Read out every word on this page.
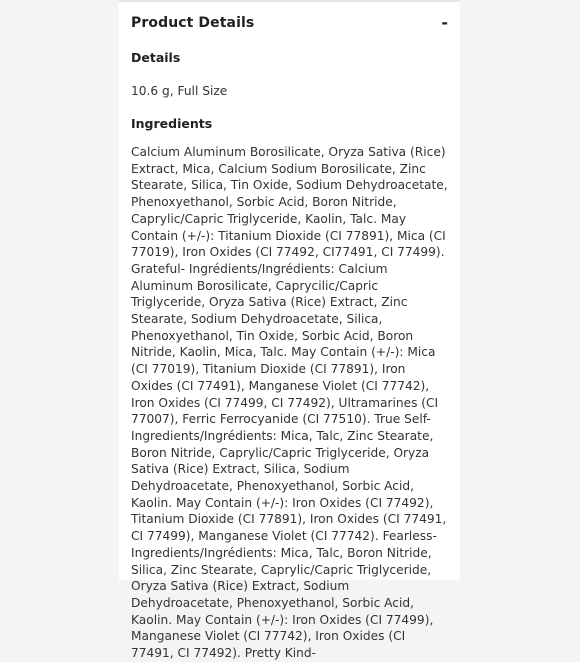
Product Details	-
Details
10.6 g, Full Size
Ingredients

Calcium Aluminum Borosilicate, Oryza Sativa (Rice) Extract, Mica, Calcium Sodium Borosilicate, Zinc Stearate, Silica, Tin Oxide, Sodium Dehydroacetate, Phenoxyethanol, Sorbic Acid, Boron Nitride, Caprylic/Capric Triglyceride, Kaolin, Talc. May Contain (+/-): Titanium Dioxide (CI 77891), Mica (CI 77019), Iron Oxides (CI 77492, CI77491, CI 77499). Grateful- Ingrédients/Ingrédients: Calcium Aluminum Borosilicate, Caprycilic/Capric Triglyceride, Oryza Sativa (Rice) Extract, Zinc Stearate, Sodium Dehydroacetate, Silica, Phenoxyethanol, Tin Oxide, Sorbic Acid, Boron Nitride, Kaolin, Mica, Talc. May Contain (+/-): Mica (CI 77019), Titanium Dioxide (CI 77891), Iron Oxides (CI 77491), Manganese Violet (CI 77742), Iron Oxides (CI 77499, CI 77492), Ultramarines (CI 77007), Ferric Ferrocyanide (CI 77510). True Self- Ingredients/Ingrédients: Mica, Talc, Zinc Stearate, Boron Nitride, Caprylic/Capric Triglyceride, Oryza Sativa (Rice) Extract, Silica, Sodium Dehydroacetate, Phenoxyethanol, Sorbic Acid, Kaolin. May Contain (+/-): Iron Oxides (CI 77492), Titanium Dioxide (CI 77891), Iron Oxides (CI 77491, CI 77499), Manganese Violet (CI 77742). Fearless- Ingredients/Ingrédients: Mica, Talc, Boron Nitride, Silica, Zinc Stearate, Caprylic/Capric Triglyceride, Oryza Sativa (Rice) Extract, Sodium Dehydroacetate, Phenoxyethanol, Sorbic Acid, Kaolin. May Contain (+/-): Iron Oxides (CI 77499), Manganese Violet (CI 77742), Iron Oxides (CI 77491, CI 77492). Pretty Kind-
